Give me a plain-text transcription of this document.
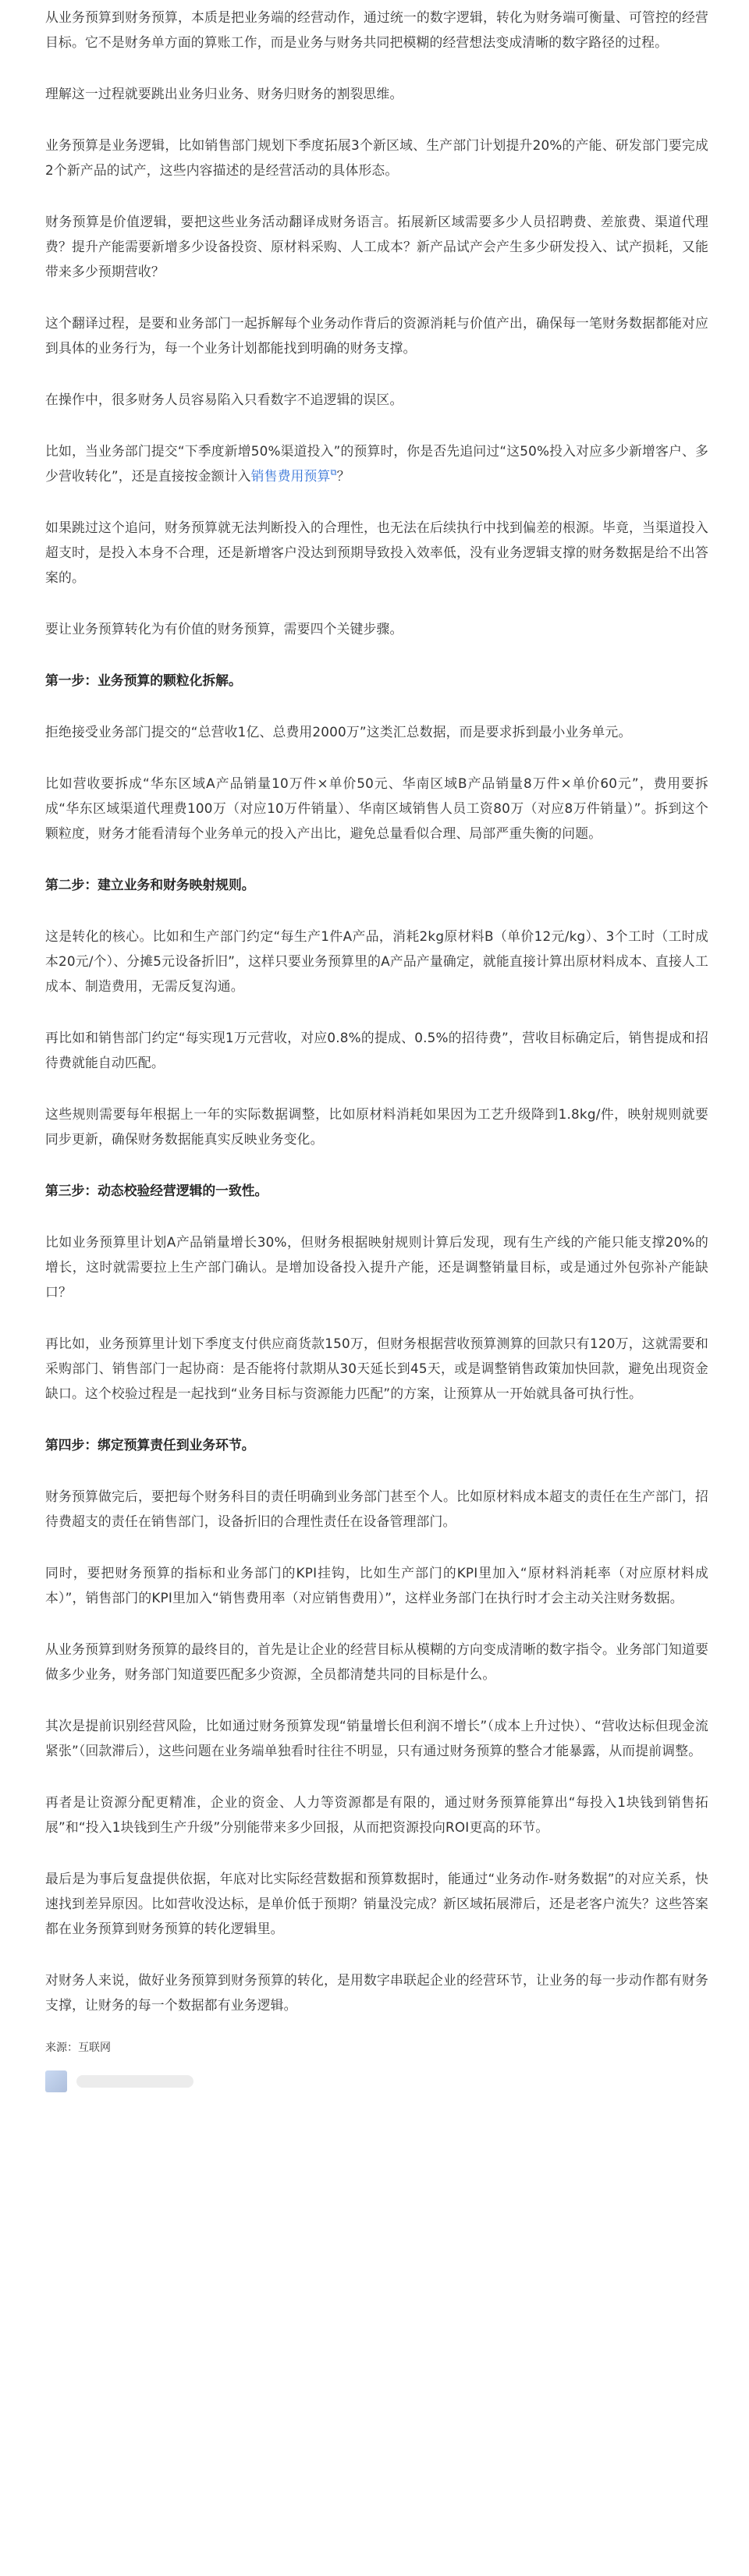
从业务预算到财务预算，本质是把业务端的经营动作，通过统一的数字逻辑，转化为财务端可衡量、可管控的经营目标。它不是财务单方面的算账工作，而是业务与财务共同把模糊的经营想法变成清晰的数字路径的过程。

理解这一过程就要跳出业务归业务、财务归财务的割裂思维。

业务预算是业务逻辑，比如销售部门规划下季度拓展3个新区域、生产部门计划提升20%的产能、研发部门要完成2个新产品的试产，这些内容描述的是经营活动的具体形态。

财务预算是价值逻辑，要把这些业务活动翻译成财务语言。拓展新区域需要多少人员招聘费、差旅费、渠道代理费？提升产能需要新增多少设备投资、原材料采购、人工成本？新产品试产会产生多少研发投入、试产损耗，又能带来多少预期营收？

这个翻译过程，是要和业务部门一起拆解每个业务动作背后的资源消耗与价值产出，确保每一笔财务数据都能对应到具体的业务行为，每一个业务计划都能找到明确的财务支撑。

在操作中，很多财务人员容易陷入只看数字不追逻辑的误区。

比如，当业务部门提交“下季度新增50%渠道投入”的预算时，你是否先追问过“这50%投入对应多少新增客户、多少营收转化”，还是直接按金额计入销售费用预算⧉？

如果跳过这个追问，财务预算就无法判断投入的合理性，也无法在后续执行中找到偏差的根源。毕竟，当渠道投入超支时，是投入本身不合理，还是新增客户没达到预期导致投入效率低，没有业务逻辑支撑的财务数据是给不出答案的。

要让业务预算转化为有价值的财务预算，需要四个关键步骤。

第一步：业务预算的颗粒化拆解。

拒绝接受业务部门提交的“总营收1亿、总费用2000万”这类汇总数据，而是要求拆到最小业务单元。

比如营收要拆成“华东区域A产品销量10万件×单价50元、华南区域B产品销量8万件×单价60元”，费用要拆成“华东区域渠道代理费100万（对应10万件销量）、华南区域销售人员工资80万（对应8万件销量）”。拆到这个颗粒度，财务才能看清每个业务单元的投入产出比，避免总量看似合理、局部严重失衡的问题。

第二步：建立业务和财务映射规则。

这是转化的核心。比如和生产部门约定“每生产1件A产品，消耗2kg原材料B（单价12元/kg）、3个工时（工时成本20元/个）、分摊5元设备折旧”，这样只要业务预算里的A产品产量确定，就能直接计算出原材料成本、直接人工成本、制造费用，无需反复沟通。

再比如和销售部门约定“每实现1万元营收，对应0.8%的提成、0.5%的招待费”，营收目标确定后，销售提成和招待费就能自动匹配。

这些规则需要每年根据上一年的实际数据调整，比如原材料消耗如果因为工艺升级降到1.8kg/件，映射规则就要同步更新，确保财务数据能真实反映业务变化。

第三步：动态校验经营逻辑的一致性。

比如业务预算里计划A产品销量增长30%，但财务根据映射规则计算后发现，现有生产线的产能只能支撑20%的增长，这时就需要拉上生产部门确认。是增加设备投入提升产能，还是调整销量目标，或是通过外包弥补产能缺口？

再比如，业务预算里计划下季度支付供应商货款150万，但财务根据营收预算测算的回款只有120万，这就需要和采购部门、销售部门一起协商：是否能将付款期从30天延长到45天，或是调整销售政策加快回款，避免出现资金缺口。这个校验过程是一起找到“业务目标与资源能力匹配”的方案，让预算从一开始就具备可执行性。

第四步：绑定预算责任到业务环节。

财务预算做完后，要把每个财务科目的责任明确到业务部门甚至个人。比如原材料成本超支的责任在生产部门，招待费超支的责任在销售部门，设备折旧的合理性责任在设备管理部门。

同时，要把财务预算的指标和业务部门的KPI挂钩，比如生产部门的KPI里加入“原材料消耗率（对应原材料成本）”，销售部门的KPI里加入“销售费用率（对应销售费用）”，这样业务部门在执行时才会主动关注财务数据。

从业务预算到财务预算的最终目的，首先是让企业的经营目标从模糊的方向变成清晰的数字指令。业务部门知道要做多少业务，财务部门知道要匹配多少资源，全员都清楚共同的目标是什么。

其次是提前识别经营风险，比如通过财务预算发现“销量增长但利润不增长”（成本上升过快）、“营收达标但现金流紧张”（回款滞后），这些问题在业务端单独看时往往不明显，只有通过财务预算的整合才能暴露，从而提前调整。

再者是让资源分配更精准，企业的资金、人力等资源都是有限的，通过财务预算能算出“每投入1块钱到销售拓展”和“投入1块钱到生产升级”分别能带来多少回报，从而把资源投向ROI更高的环节。

最后是为事后复盘提供依据，年底对比实际经营数据和预算数据时，能通过“业务动作-财务数据”的对应关系，快速找到差异原因。比如营收没达标，是单价低于预期？销量没完成？新区域拓展滞后，还是老客户流失？这些答案都在业务预算到财务预算的转化逻辑里。

对财务人来说，做好业务预算到财务预算的转化，是用数字串联起企业的经营环节，让业务的每一步动作都有财务支撑，让财务的每一个数据都有业务逻辑。

来源：互联网
